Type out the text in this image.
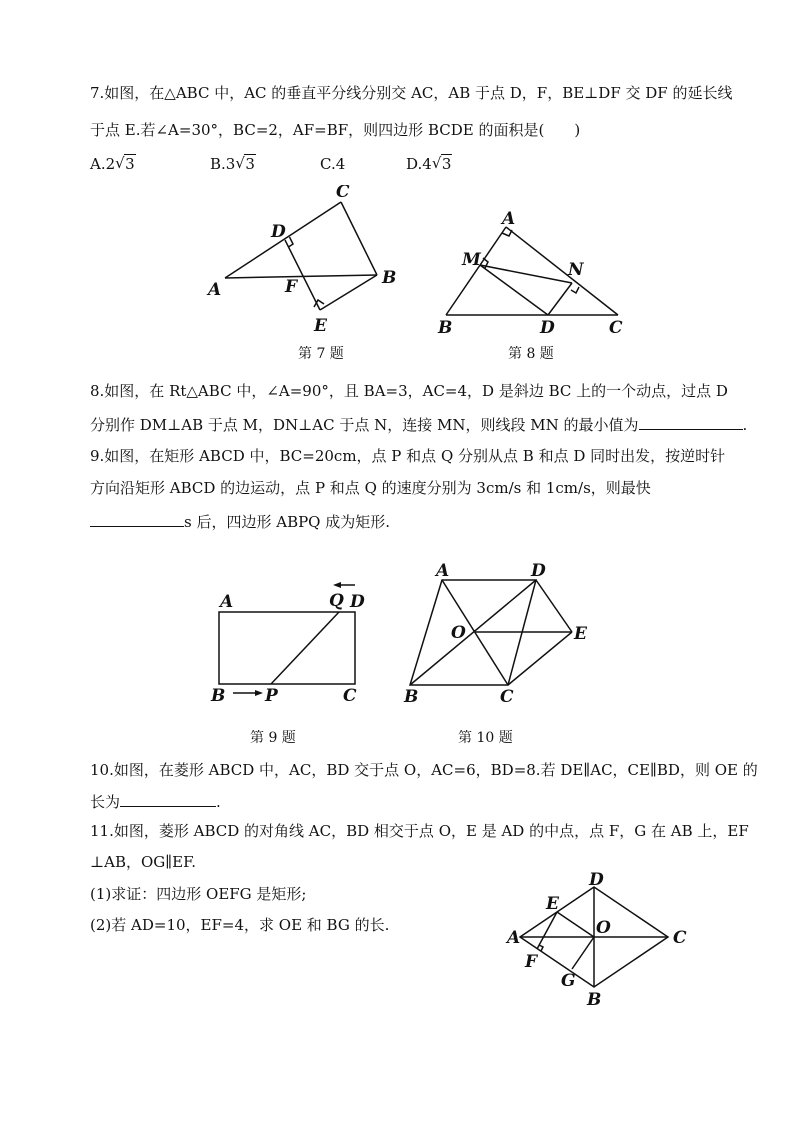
7.如图，在△ABC 中，AC 的垂直平分线分别交 AC，AB 于点 D，F，BE⊥DF 交 DF 的延长线
于点 E.若∠A=30°，BC=2，AF=BF，则四边形 BCDE 的面积是(　　)
A.2 √ 3	B.3 √ 3	C.4	D.4 √ 3
A
B
C
D
E
F
第 7 题
A
B	C
D
M	N
第 8 题
8.如图，在 Rt△ABC 中，∠A=90°，且 BA=3，AC=4，D 是斜边 BC 上的一个动点，过点 D
分别作 DM⊥AB 于点 M，DN⊥AC 于点 N，连接 MN，则线段 MN 的最小值为	.
9.如图，在矩形 ABCD 中，BC=20cm，点 P 和点 Q 分别从点 B 和点 D 同时出发，按逆时针
方向沿矩形 ABCD 的边运动，点 P 和点 Q 的速度分别为 3cm/s 和 1cm/s，则最快
s 后，四边形 ABPQ 成为矩形.
A
B	C
D
P
Q
第 9 题
A
B	C
D
E
O
第 10 题
10.如图，在菱形 ABCD 中，AC，BD 交于点 O，AC=6，BD=8.若 DE∥AC，CE∥BD，则 OE 的
长为	.
11.如图，菱形 ABCD 的对角线 AC，BD 相交于点 O，E 是 AD 的中点，点 F，G 在 AB 上，EF
⊥AB，OG∥EF.
(1)求证：四边形 OEFG 是矩形;
(2)若 AD=10，EF=4，求 OE 和 BG 的长.
A
B
C
D
E
F
G
O
